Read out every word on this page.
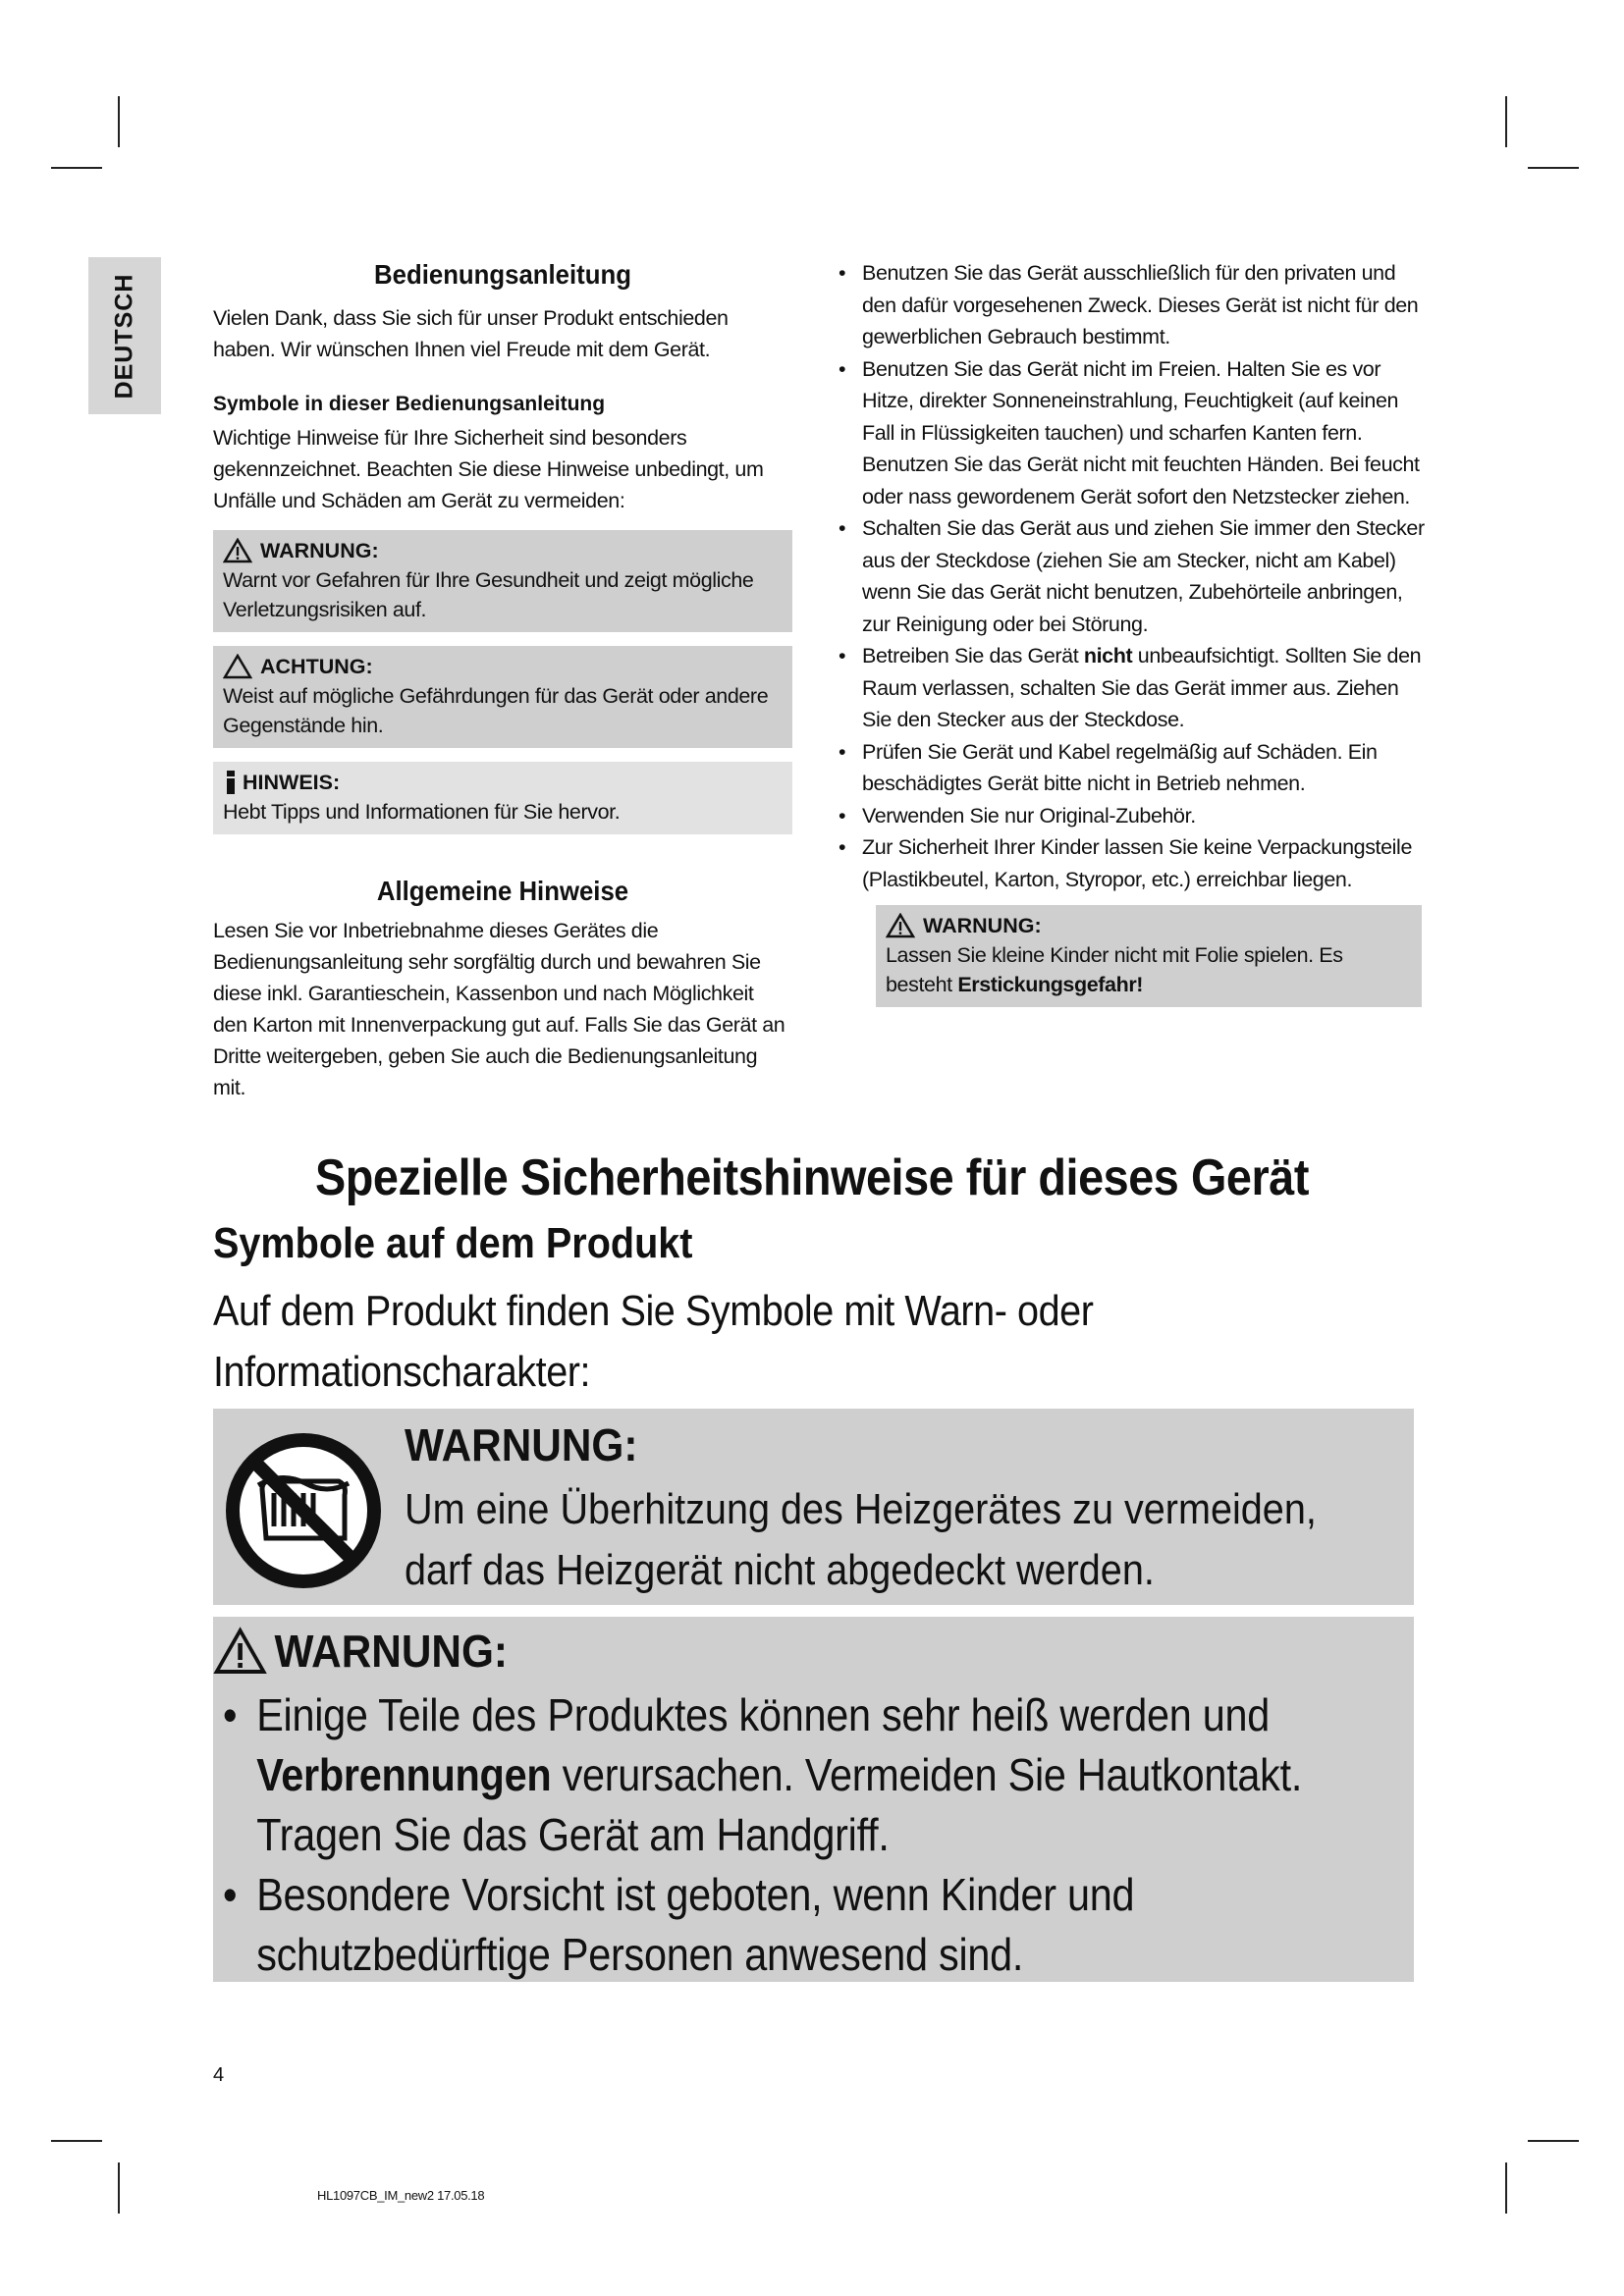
DEUTSCH	Bedienungsanleitung

Vielen Dank, dass Sie sich für unser Produkt entschieden haben. Wir wünschen Ihnen viel Freude mit dem Gerät.

Symbole in dieser Bedienungsanleitung

Wichtige Hinweise für Ihre Sicherheit sind besonders gekennzeichnet. Beachten Sie diese Hinweise unbedingt, um Unfälle und Schäden am Gerät zu vermeiden:

WARNUNG:
Warnt vor Gefahren für Ihre Gesundheit und zeigt mögliche Verletzungsrisiken auf.
ACHTUNG:
Weist auf mögliche Gefährdungen für das Gerät oder andere Gegenstände hin.
HINWEIS:
Hebt Tipps und Informationen für Sie hervor.
Allgemeine Hinweise

Lesen Sie vor Inbetriebnahme dieses Gerätes die Bedienungsanleitung sehr sorgfältig durch und bewahren Sie diese inkl. Garantieschein, Kassenbon und nach Möglichkeit den Karton mit Innenverpackung gut auf. Falls Sie das Gerät an Dritte weitergeben, geben Sie auch die Bedienungsanleitung mit.

• Benutzen Sie das Gerät ausschließlich für den privaten und den dafür vorgesehenen Zweck. Dieses Gerät ist nicht für den gewerblichen Gebrauch bestimmt.
• Benutzen Sie das Gerät nicht im Freien. Halten Sie es vor Hitze, direkter Sonneneinstrahlung, Feuchtigkeit (auf keinen Fall in Flüssigkeiten tauchen) und scharfen Kanten fern. Benutzen Sie das Gerät nicht mit feuchten Händen. Bei feucht oder nass gewordenem Gerät sofort den Netzstecker ziehen.
• Schalten Sie das Gerät aus und ziehen Sie immer den Stecker aus der Steckdose (ziehen Sie am Stecker, nicht am Kabel) wenn Sie das Gerät nicht benutzen, Zubehörteile anbringen, zur Reinigung oder bei Störung.
• Betreiben Sie das Gerät nicht unbeaufsichtigt. Sollten Sie den Raum verlassen, schalten Sie das Gerät immer aus. Ziehen Sie den Stecker aus der Steckdose.
• Prüfen Sie Gerät und Kabel regelmäßig auf Schäden. Ein beschädigtes Gerät bitte nicht in Betrieb nehmen.
• Verwenden Sie nur Original-Zubehör.
• Zur Sicherheit Ihrer Kinder lassen Sie keine Verpackungsteile (Plastikbeutel, Karton, Styropor, etc.) erreichbar liegen.
WARNUNG:
Lassen Sie kleine Kinder nicht mit Folie spielen. Es besteht Erstickungsgefahr!
Spezielle Sicherheitshinweise für dieses Gerät
Symbole auf dem Produkt
Auf dem Produkt finden Sie Symbole mit Warn- oder Informationscharakter:
WARNUNG:
Um eine Überhitzung des Heizgerätes zu vermeiden, darf das Heizgerät nicht abgedeckt werden.
WARNUNG:
• Einige Teile des Produktes können sehr heiß werden und Verbrennungen verursachen. Vermeiden Sie Hautkontakt. Tragen Sie das Gerät am Handgriff.
• Besondere Vorsicht ist geboten, wenn Kinder und schutzbedürftige Personen anwesend sind.
4
HL1097CB_IM_new2 17.05.18
